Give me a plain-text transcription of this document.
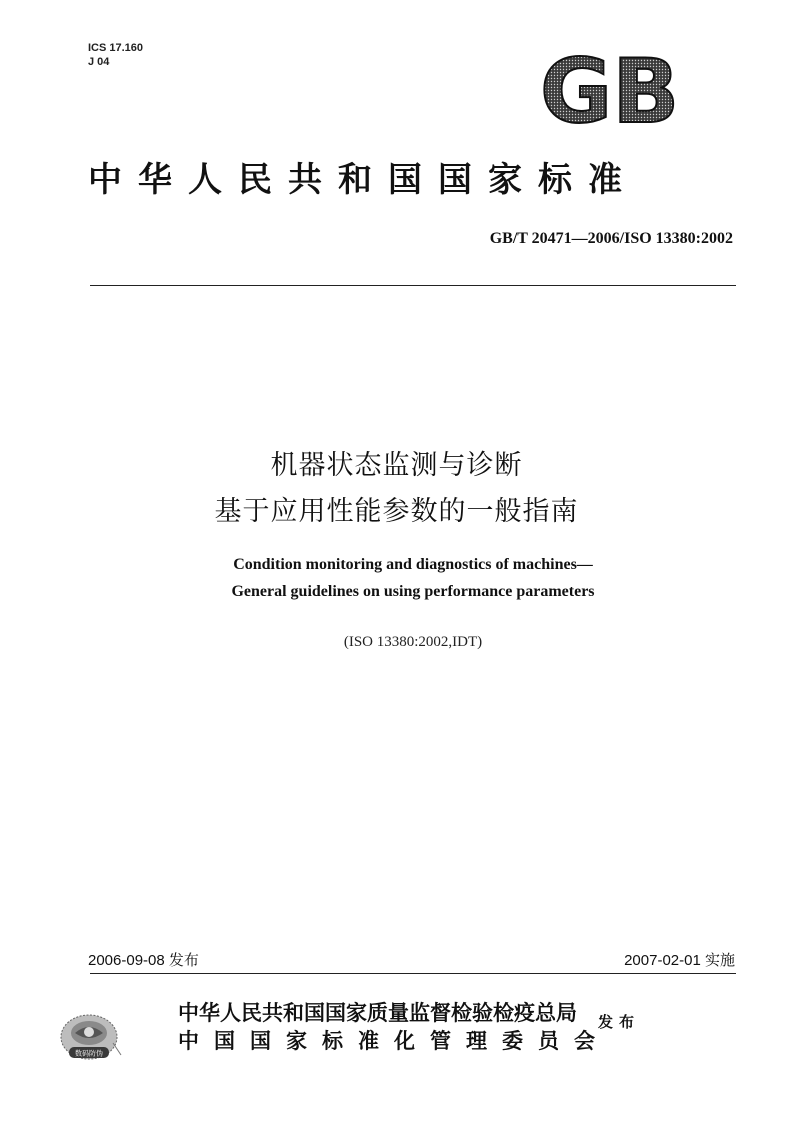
ICS 17.160
J 04	GB
中华人民共和国国家标准
GB/T 20471—2006/ISO 13380:2002
机器状态监测与诊断
基于应用性能参数的一般指南
Condition monitoring and diagnostics of machines—
General guidelines on using performance parameters
(ISO 13380:2002,IDT)
2006-09-08 发布	2007-02-01 实施
数码防伪
中华人民共和国国家质量监督检验检疫总局
中国国家标准化管理委员会
发布
